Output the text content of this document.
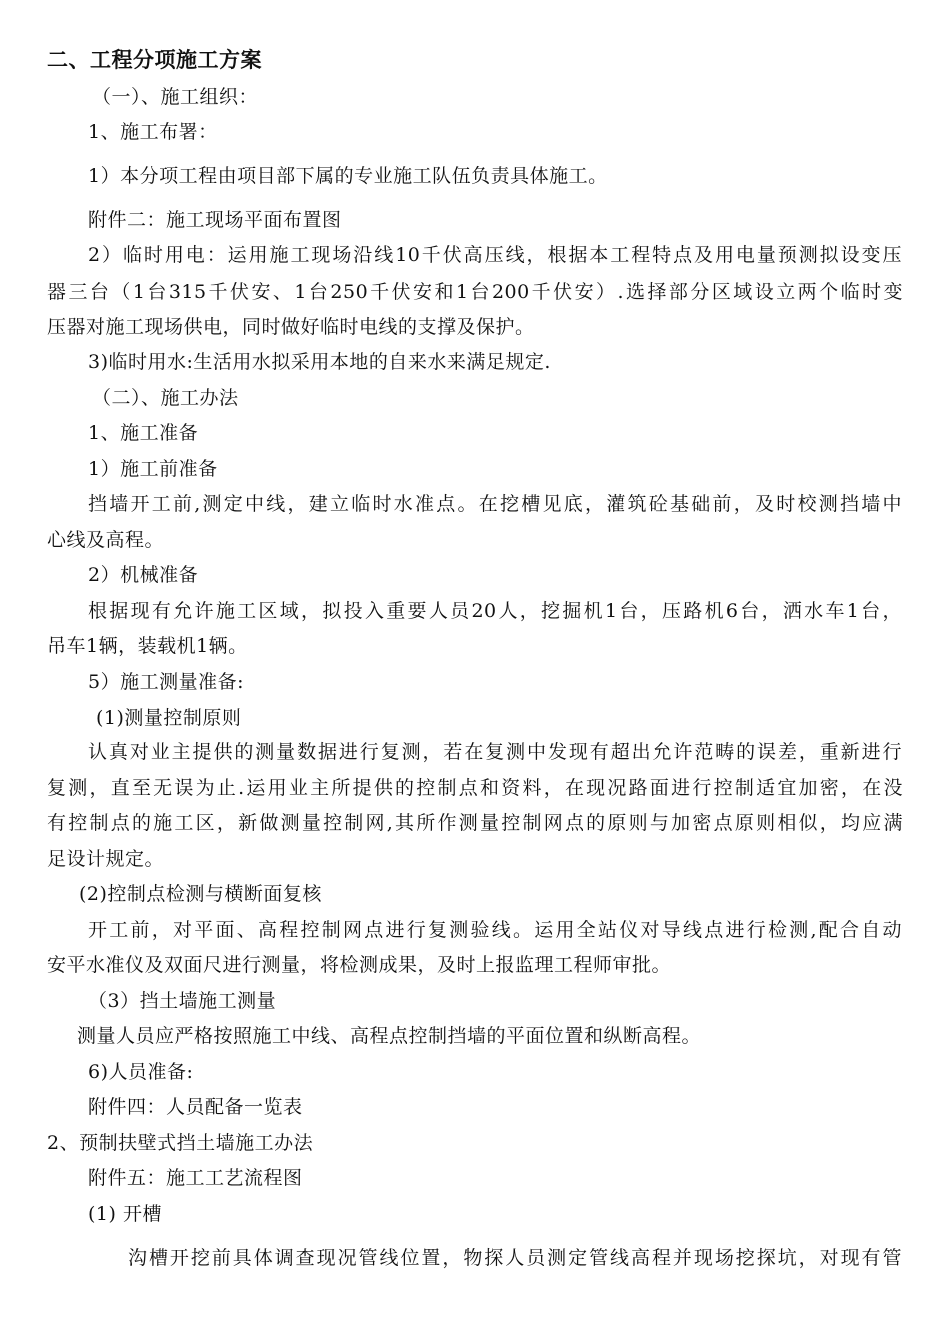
二、工程分项施工方案
（一）、施工组织：
1、施工布署：
1）本分项工程由项目部下属的专业施工队伍负责具体施工。
附件二：施工现场平面布置图
2）临时用电：运用施工现场沿线10千伏高压线，根据本工程特点及用电量预测拟设变压
器三台（1台315千伏安、1台250千伏安和1台200千伏安）.选择部分区域设立两个临时变
压器对施工现场供电，同时做好临时电线的支撑及保护。
3)临时用水:生活用水拟采用本地的自来水来满足规定.
（二）、施工办法
1、施工准备
1）施工前准备
挡墙开工前,测定中线，建立临时水准点。在挖槽见底，灌筑砼基础前，及时校测挡墙中
心线及高程。
2）机械准备
根据现有允许施工区域，拟投入重要人员20人，挖掘机1台，压路机6台，洒水车1台，
吊车1辆，装载机1辆。
5）施工测量准备:
(1)测量控制原则
认真对业主提供的测量数据进行复测，若在复测中发现有超出允许范畴的误差，重新进行
复测，直至无误为止.运用业主所提供的控制点和资料，在现况路面进行控制适宜加密，在没
有控制点的施工区，新做测量控制网,其所作测量控制网点的原则与加密点原则相似，均应满
足设计规定。
(2)控制点检测与横断面复核
开工前，对平面、高程控制网点进行复测验线。运用全站仪对导线点进行检测,配合自动
安平水准仪及双面尺进行测量，将检测成果，及时上报监理工程师审批。
（3）挡土墙施工测量
测量人员应严格按照施工中线、高程点控制挡墙的平面位置和纵断高程。
6)人员准备:
附件四：人员配备一览表
2、预制扶壁式挡土墙施工办法
附件五：施工工艺流程图
(1) 开槽
沟槽开挖前具体调查现况管线位置，物探人员测定管线高程并现场挖探坑，对现有管
